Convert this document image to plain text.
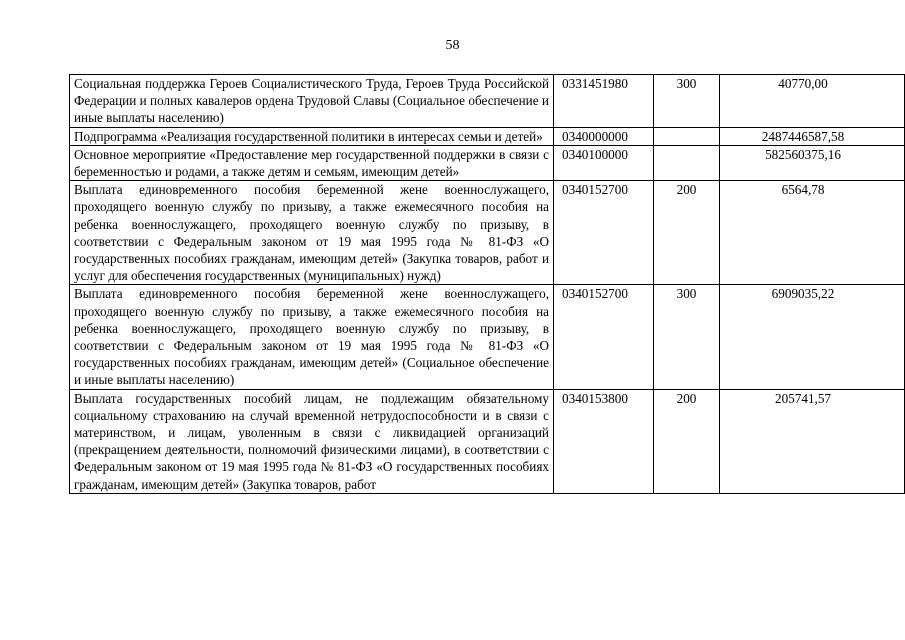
58
Социальная поддержка Героев Социалистического Труда, Героев Труда Российской Федерации и полных кавалеров ордена Трудовой Славы (Социальное обеспечение и иные выплаты населению)	0331451980	300	40770,00
Подпрограмма «Реализация государственной политики в интересах семьи и детей»	0340000000		2487446587,58
Основное мероприятие «Предоставление мер государственной поддержки в связи с беременностью и родами, а также детям и семьям, имеющим детей»	0340100000		582560375,16
Выплата единовременного пособия беременной жене военнослужащего, проходящего военную службу по призыву, а также ежемесячного пособия на ребенка военнослужащего, проходящего военную службу по призыву, в соответствии с Федеральным законом от 19 мая 1995 года № 81-ФЗ «О государственных пособиях гражданам, имеющим детей» (Закупка товаров, работ и услуг для обеспечения государственных (муниципальных) нужд)	0340152700	200	6564,78
Выплата единовременного пособия беременной жене военнослужащего, проходящего военную службу по призыву, а также ежемесячного пособия на ребенка военнослужащего, проходящего военную службу по призыву, в соответствии с Федеральным законом от 19 мая 1995 года № 81-ФЗ «О государственных пособиях гражданам, имеющим детей» (Социальное обеспечение и иные выплаты населению)	0340152700	300	6909035,22
Выплата государственных пособий лицам, не подлежащим обязательному социальному страхованию на случай временной нетрудоспособности и в связи с материнством, и лицам, уволенным в связи с ликвидацией организаций (прекращением деятельности, полномочий физическими лицами), в соответствии с Федеральным законом от 19 мая 1995 года № 81-ФЗ «О государственных пособиях гражданам, имеющим детей» (Закупка товаров, работ	0340153800	200	205741,57
